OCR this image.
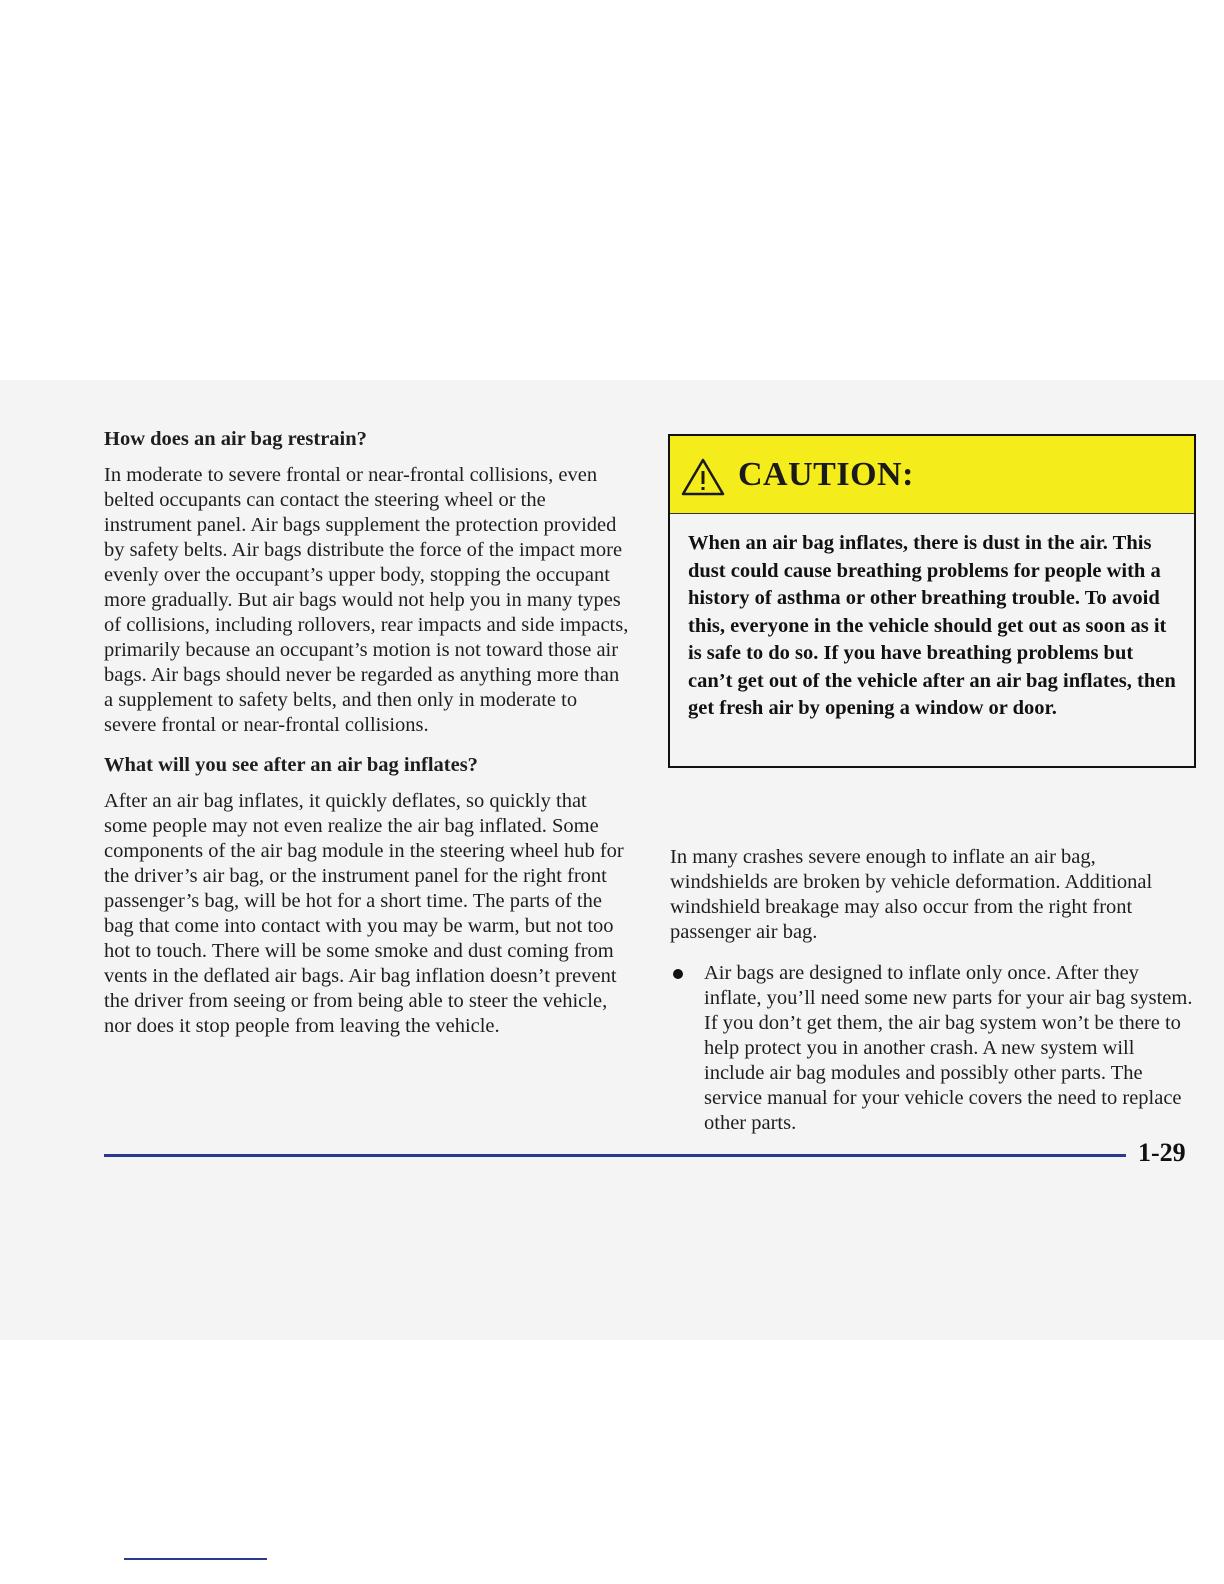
How does an air bag restrain?

In moderate to severe frontal or near-frontal collisions, even belted occupants can contact the steering wheel or the instrument panel. Air bags supplement the protection provided by safety belts. Air bags distribute the force of the impact more evenly over the occupant’s upper body, stopping the occupant more gradually. But air bags would not help you in many types of collisions, including rollovers, rear impacts and side impacts, primarily because an occupant’s motion is not toward those air bags. Air bags should never be regarded as anything more than a supplement to safety belts, and then only in moderate to severe frontal or near-frontal collisions.

What will you see after an air bag inflates?

After an air bag inflates, it quickly deflates, so quickly that some people may not even realize the air bag inflated. Some components of the air bag module in the steering wheel hub for the driver’s air bag, or the instrument panel for the right front passenger’s bag, will be hot for a short time. The parts of the bag that come into contact with you may be warm, but not too hot to touch. There will be some smoke and dust coming from vents in the deflated air bags. Air bag inflation doesn’t prevent the driver from seeing or from being able to steer the vehicle, nor does it stop people from leaving the vehicle.

CAUTION:
When an air bag inflates, there is dust in the air. This dust could cause breathing problems for people with a history of asthma or other breathing trouble. To avoid this, everyone in the vehicle should get out as soon as it is safe to do so. If you have breathing problems but can’t get out of the vehicle after an air bag inflates, then get fresh air by opening a window or door.

In many crashes severe enough to inflate an air bag, windshields are broken by vehicle deformation. Additional windshield breakage may also occur from the right front passenger air bag.

Air bags are designed to inflate only once. After they inflate, you’ll need some new parts for your air bag system. If you don’t get them, the air bag system won’t be there to help protect you in another crash. A new system will include air bag modules and possibly other parts. The service manual for your vehicle covers the need to replace other parts.
1-29
